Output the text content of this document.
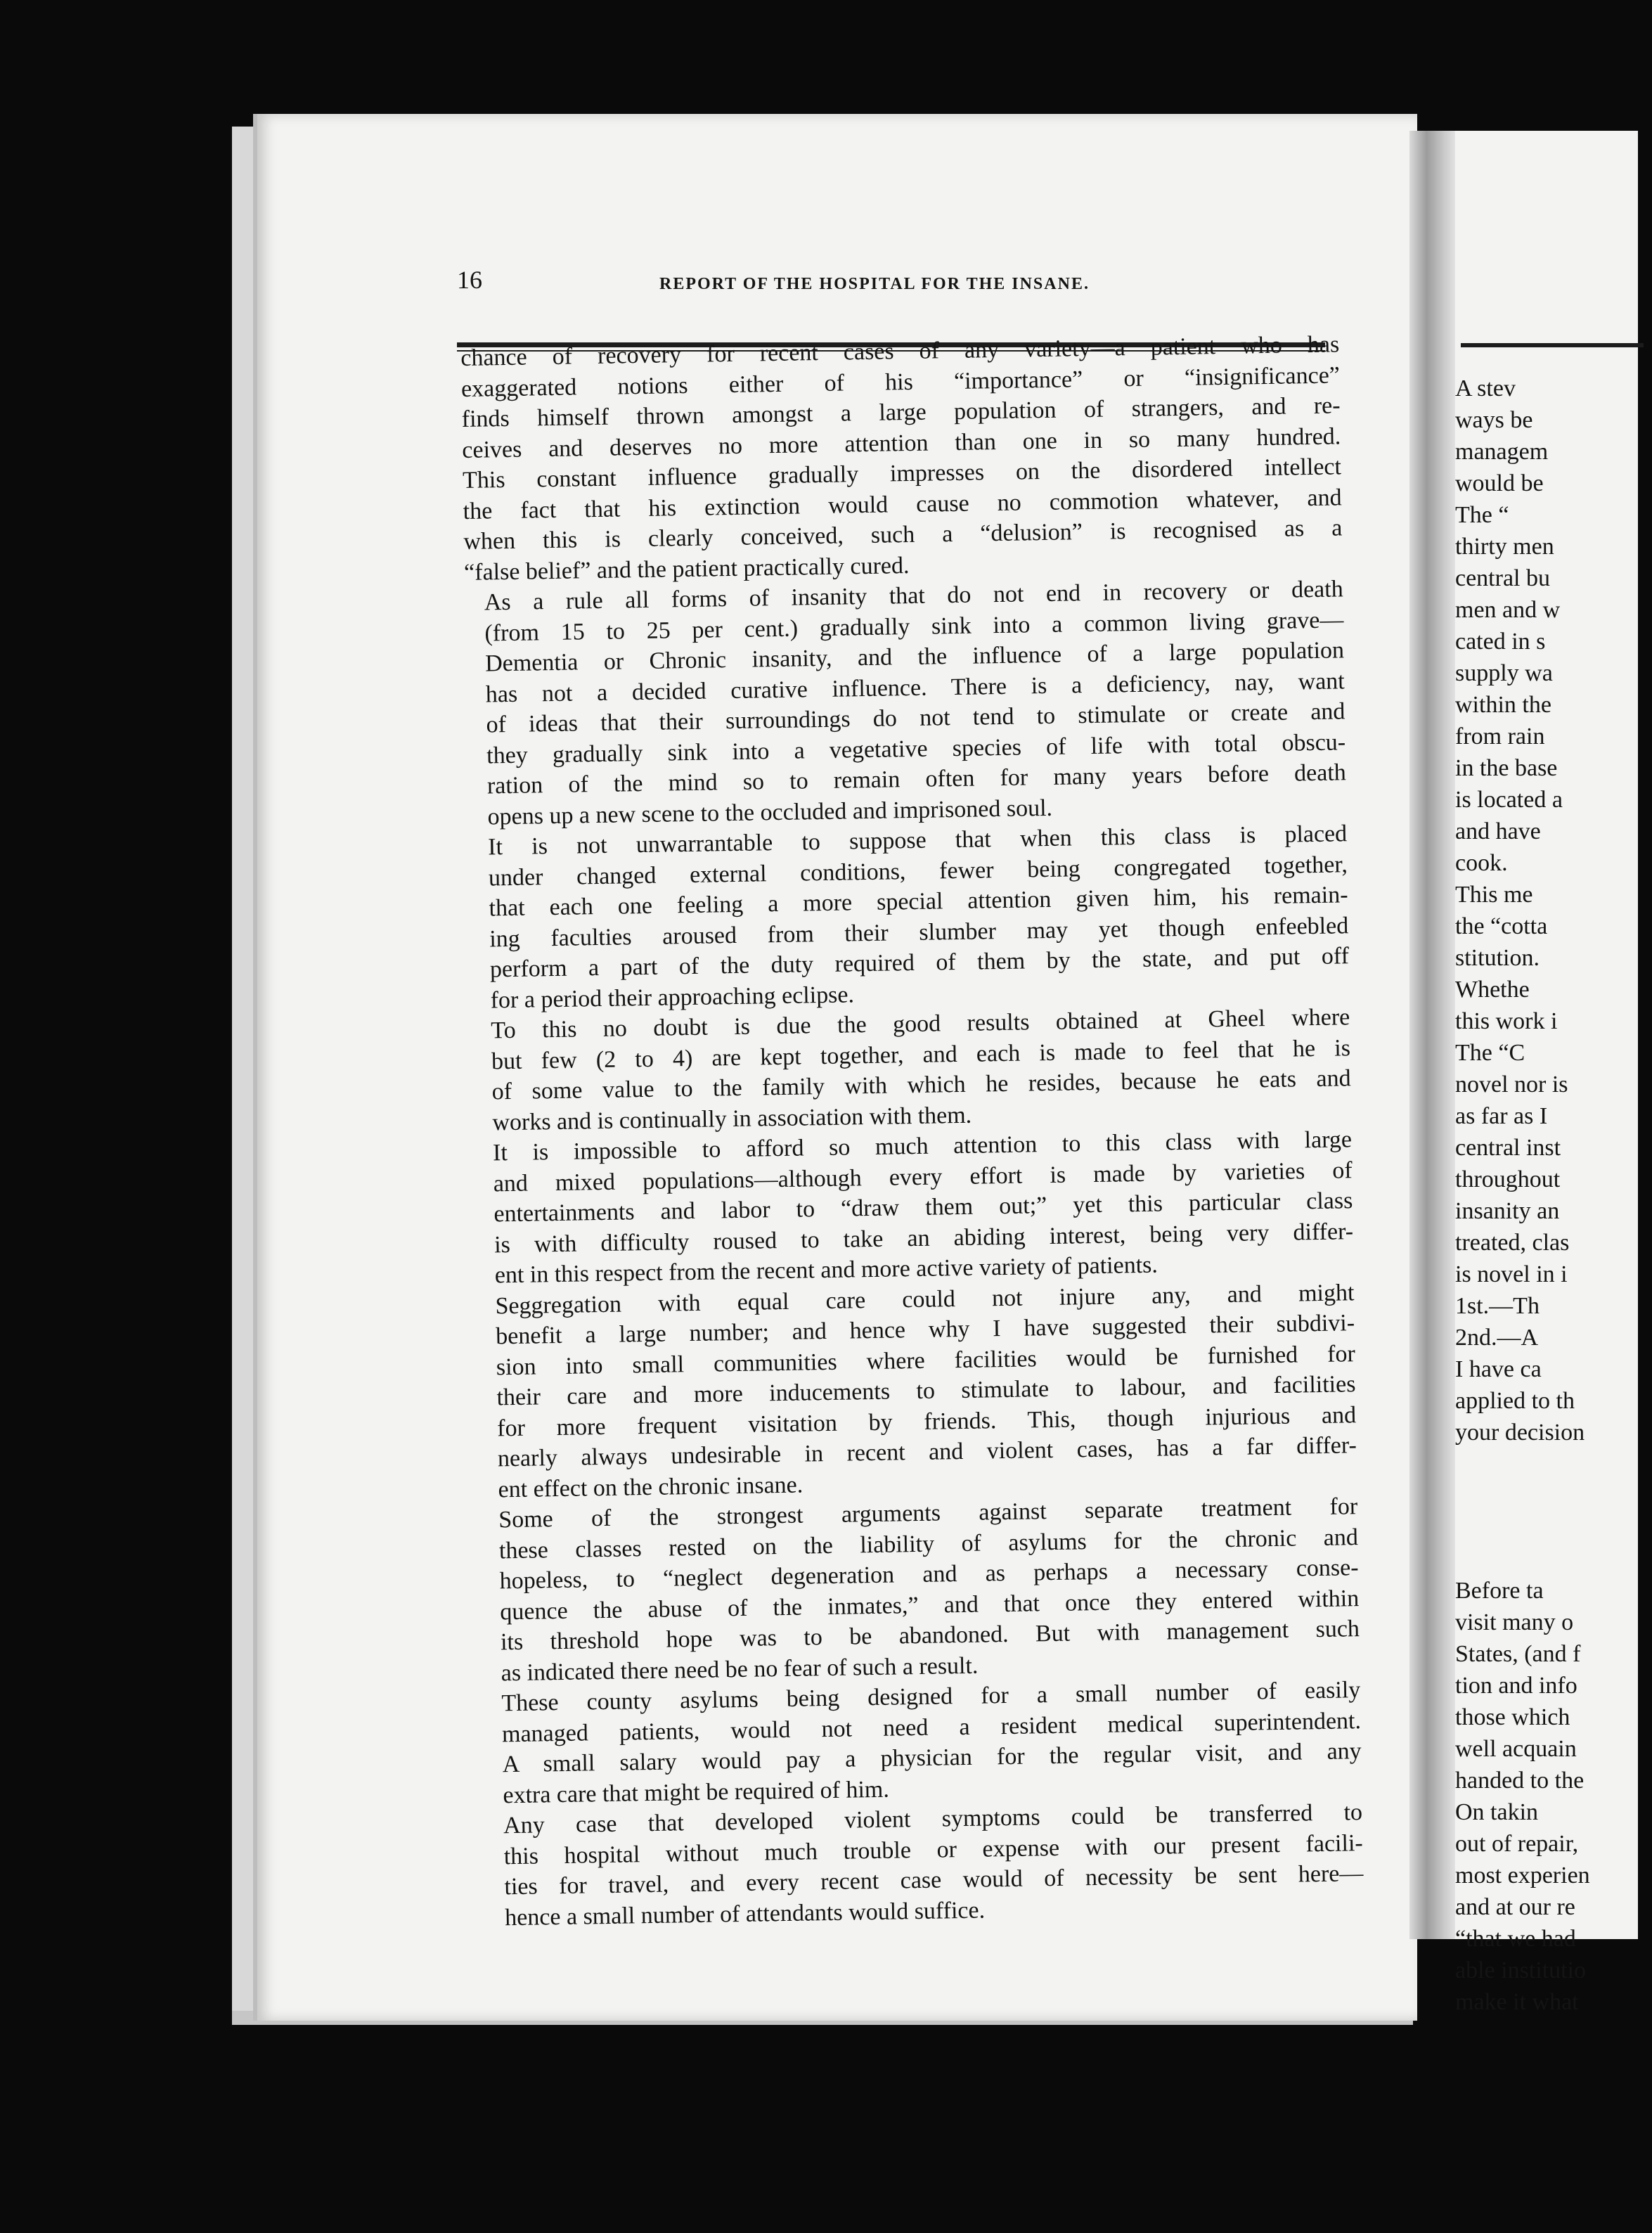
16	REPORT OF THE HOSPITAL FOR THE INSANE.

chance of recovery for recent cases of any variety—a patient who has
exaggerated notions either of his “importance” or “insignificance”
finds himself thrown amongst a large population of strangers, and re-
ceives and deserves no more attention than one in so many hundred.
This constant influence gradually impresses on the disordered intellect
the fact that his extinction would cause no commotion whatever, and
when this is clearly conceived, such a “delusion” is recognised as a
“false belief” and the patient practically cured.

As a rule all forms of insanity that do not end in recovery or death
(from 15 to 25 per cent.) gradually sink into a common living grave—
Dementia or Chronic insanity, and the influence of a large population
has not a decided curative influence. There is a deficiency, nay, want
of ideas that their surroundings do not tend to stimulate or create and
they gradually sink into a vegetative species of life with total obscu-
ration of the mind so to remain often for many years before death
opens up a new scene to the occluded and imprisoned soul.

It is not unwarrantable to suppose that when this class is placed
under changed external conditions, fewer being congregated together,
that each one feeling a more special attention given him, his remain-
ing faculties aroused from their slumber may yet though enfeebled
perform a part of the duty required of them by the state, and put off
for a period their approaching eclipse.

To this no doubt is due the good results obtained at Gheel where
but few (2 to 4) are kept together, and each is made to feel that he is
of some value to the family with which he resides, because he eats and
works and is continually in association with them.

It is impossible to afford so much attention to this class with large
and mixed populations—although every effort is made by varieties of
entertainments and labor to “draw them out;” yet this particular class
is with difficulty roused to take an abiding interest, being very differ-
ent in this respect from the recent and more active variety of patients.

Seggregation with equal care could not injure any, and might
benefit a large number; and hence why I have suggested their subdivi-
sion into small communities where facilities would be furnished for
their care and more inducements to stimulate to labour, and facilities
for more frequent visitation by friends. This, though injurious and
nearly always undesirable in recent and violent cases, has a far differ-
ent effect on the chronic insane.

Some of the strongest arguments against separate treatment for
these classes rested on the liability of asylums for the chronic and
hopeless, to “neglect degeneration and as perhaps a necessary conse-
quence the abuse of the inmates,” and that once they entered within
its threshold hope was to be abandoned. But with management such
as indicated there need be no fear of such a result.

These county asylums being designed for a small number of easily
managed patients, would not need a resident medical superintendent.
A small salary would pay a physician for the regular visit, and any
extra care that might be required of him.

Any case that developed violent symptoms could be transferred to
this hospital without much trouble or expense with our present facili-
ties for travel, and every recent case would of necessity be sent here—
hence a small number of attendants would suffice.

A stev
ways be
managem
would be
The “
thirty men
central bu
men and w
cated in s
supply wa
within the
from rain
in the base
is located a
and have
cook.
This me
the “cotta
stitution.
Whethe
this work i
The “C
novel nor is
as far as I
central inst
throughout
insanity an
treated, clas
is novel in i
1st.—Th
2nd.—A
I have ca
applied to th
your decision
Before ta
visit many o
States, (and f
tion and info
those which
well acquain
handed to the
On takin
out of repair,
most experien
and at our re
“that we had
able institutio
make it what
